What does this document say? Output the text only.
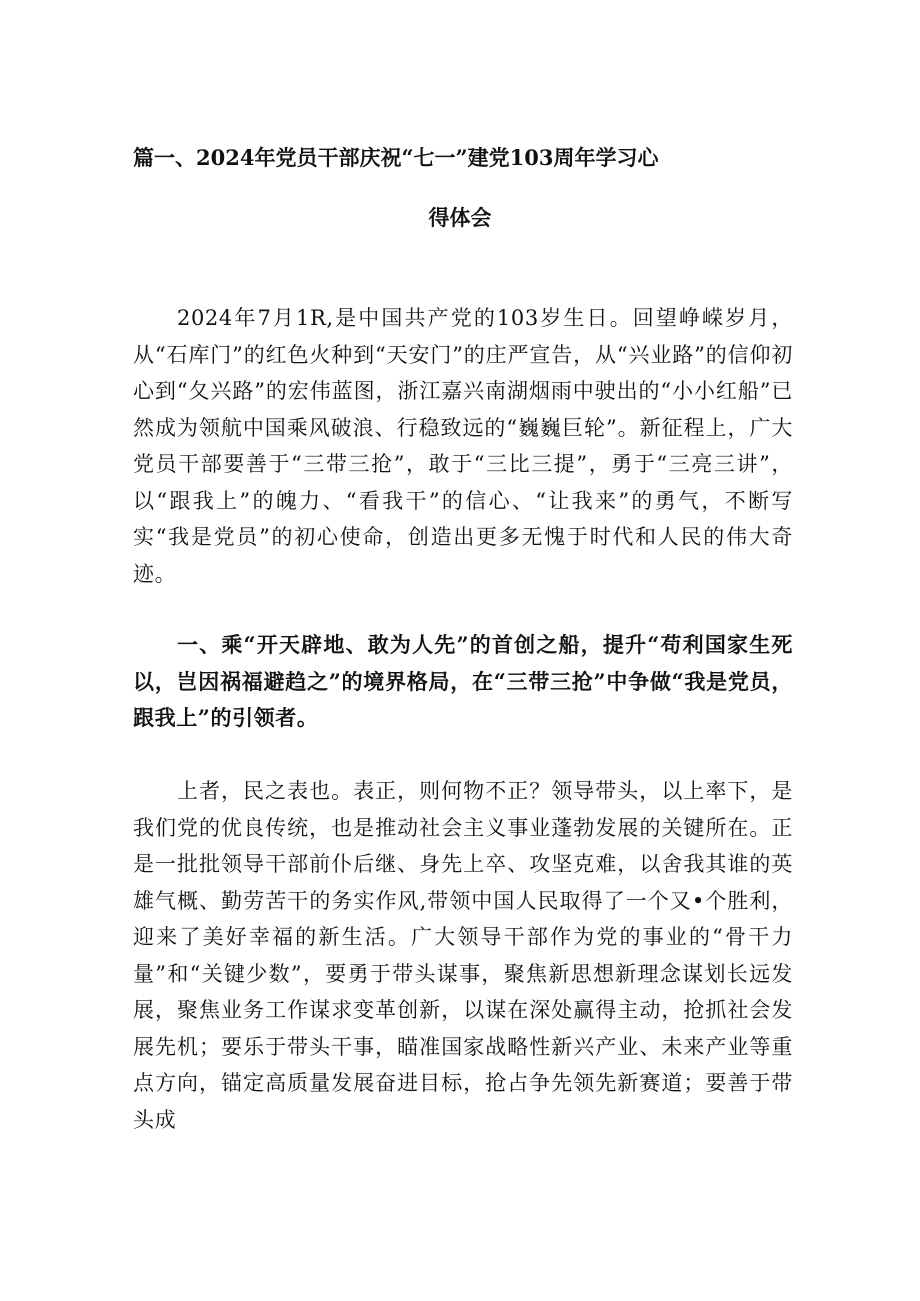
篇一、2024年党员干部庆祝“七一”建党103周年学习心
得体会

2024年7月1R,是中国共产党的103岁生日。回望峥嵘岁月，从“石库门”的红色火种到“天安门”的庄严宣告，从“兴业路”的信仰初心到“夂兴路”的宏伟蓝图，浙江嘉兴南湖烟雨中驶出的“小小红船”已然成为领航中国乘风破浪、行稳致远的“巍巍巨轮”。新征程上，广大党员干部要善于“三带三抢”，敢于“三比三提”，勇于“三亮三讲”，以“跟我上”的魄力、“看我干”的信心、“让我来”的勇气，不断写实“我是党员”的初心使命，创造出更多无愧于时代和人民的伟大奇迹。

一、乘“开天辟地、敢为人先”的首创之船，提升“苟利国家生死以，岂因祸福避趋之”的境界格局，在“三带三抢”中争做“我是党员，跟我上”的引领者。

上者，民之表也。表正，则何物不正？领导带头，以上率下，是我们党的优良传统，也是推动社会主义事业蓬勃发展的关键所在。正是一批批领导干部前仆后继、身先上卒、攻坚克难，以舍我其谁的英雄气概、勤劳苦干的务实作风,带领中国人民取得了一个又•个胜利，迎来了美好幸福的新生活。广大领导干部作为党的事业的“骨干力量”和“关键少数”，要勇于带头谋事，聚焦新思想新理念谋划长远发展，聚焦业务工作谋求变革创新，以谋在深处赢得主动，抢抓社会发展先机；要乐于带头干事，瞄准国家战略性新兴产业、未来产业等重点方向，锚定高质量发展奋进目标，抢占争先领先新赛道；要善于带头成
